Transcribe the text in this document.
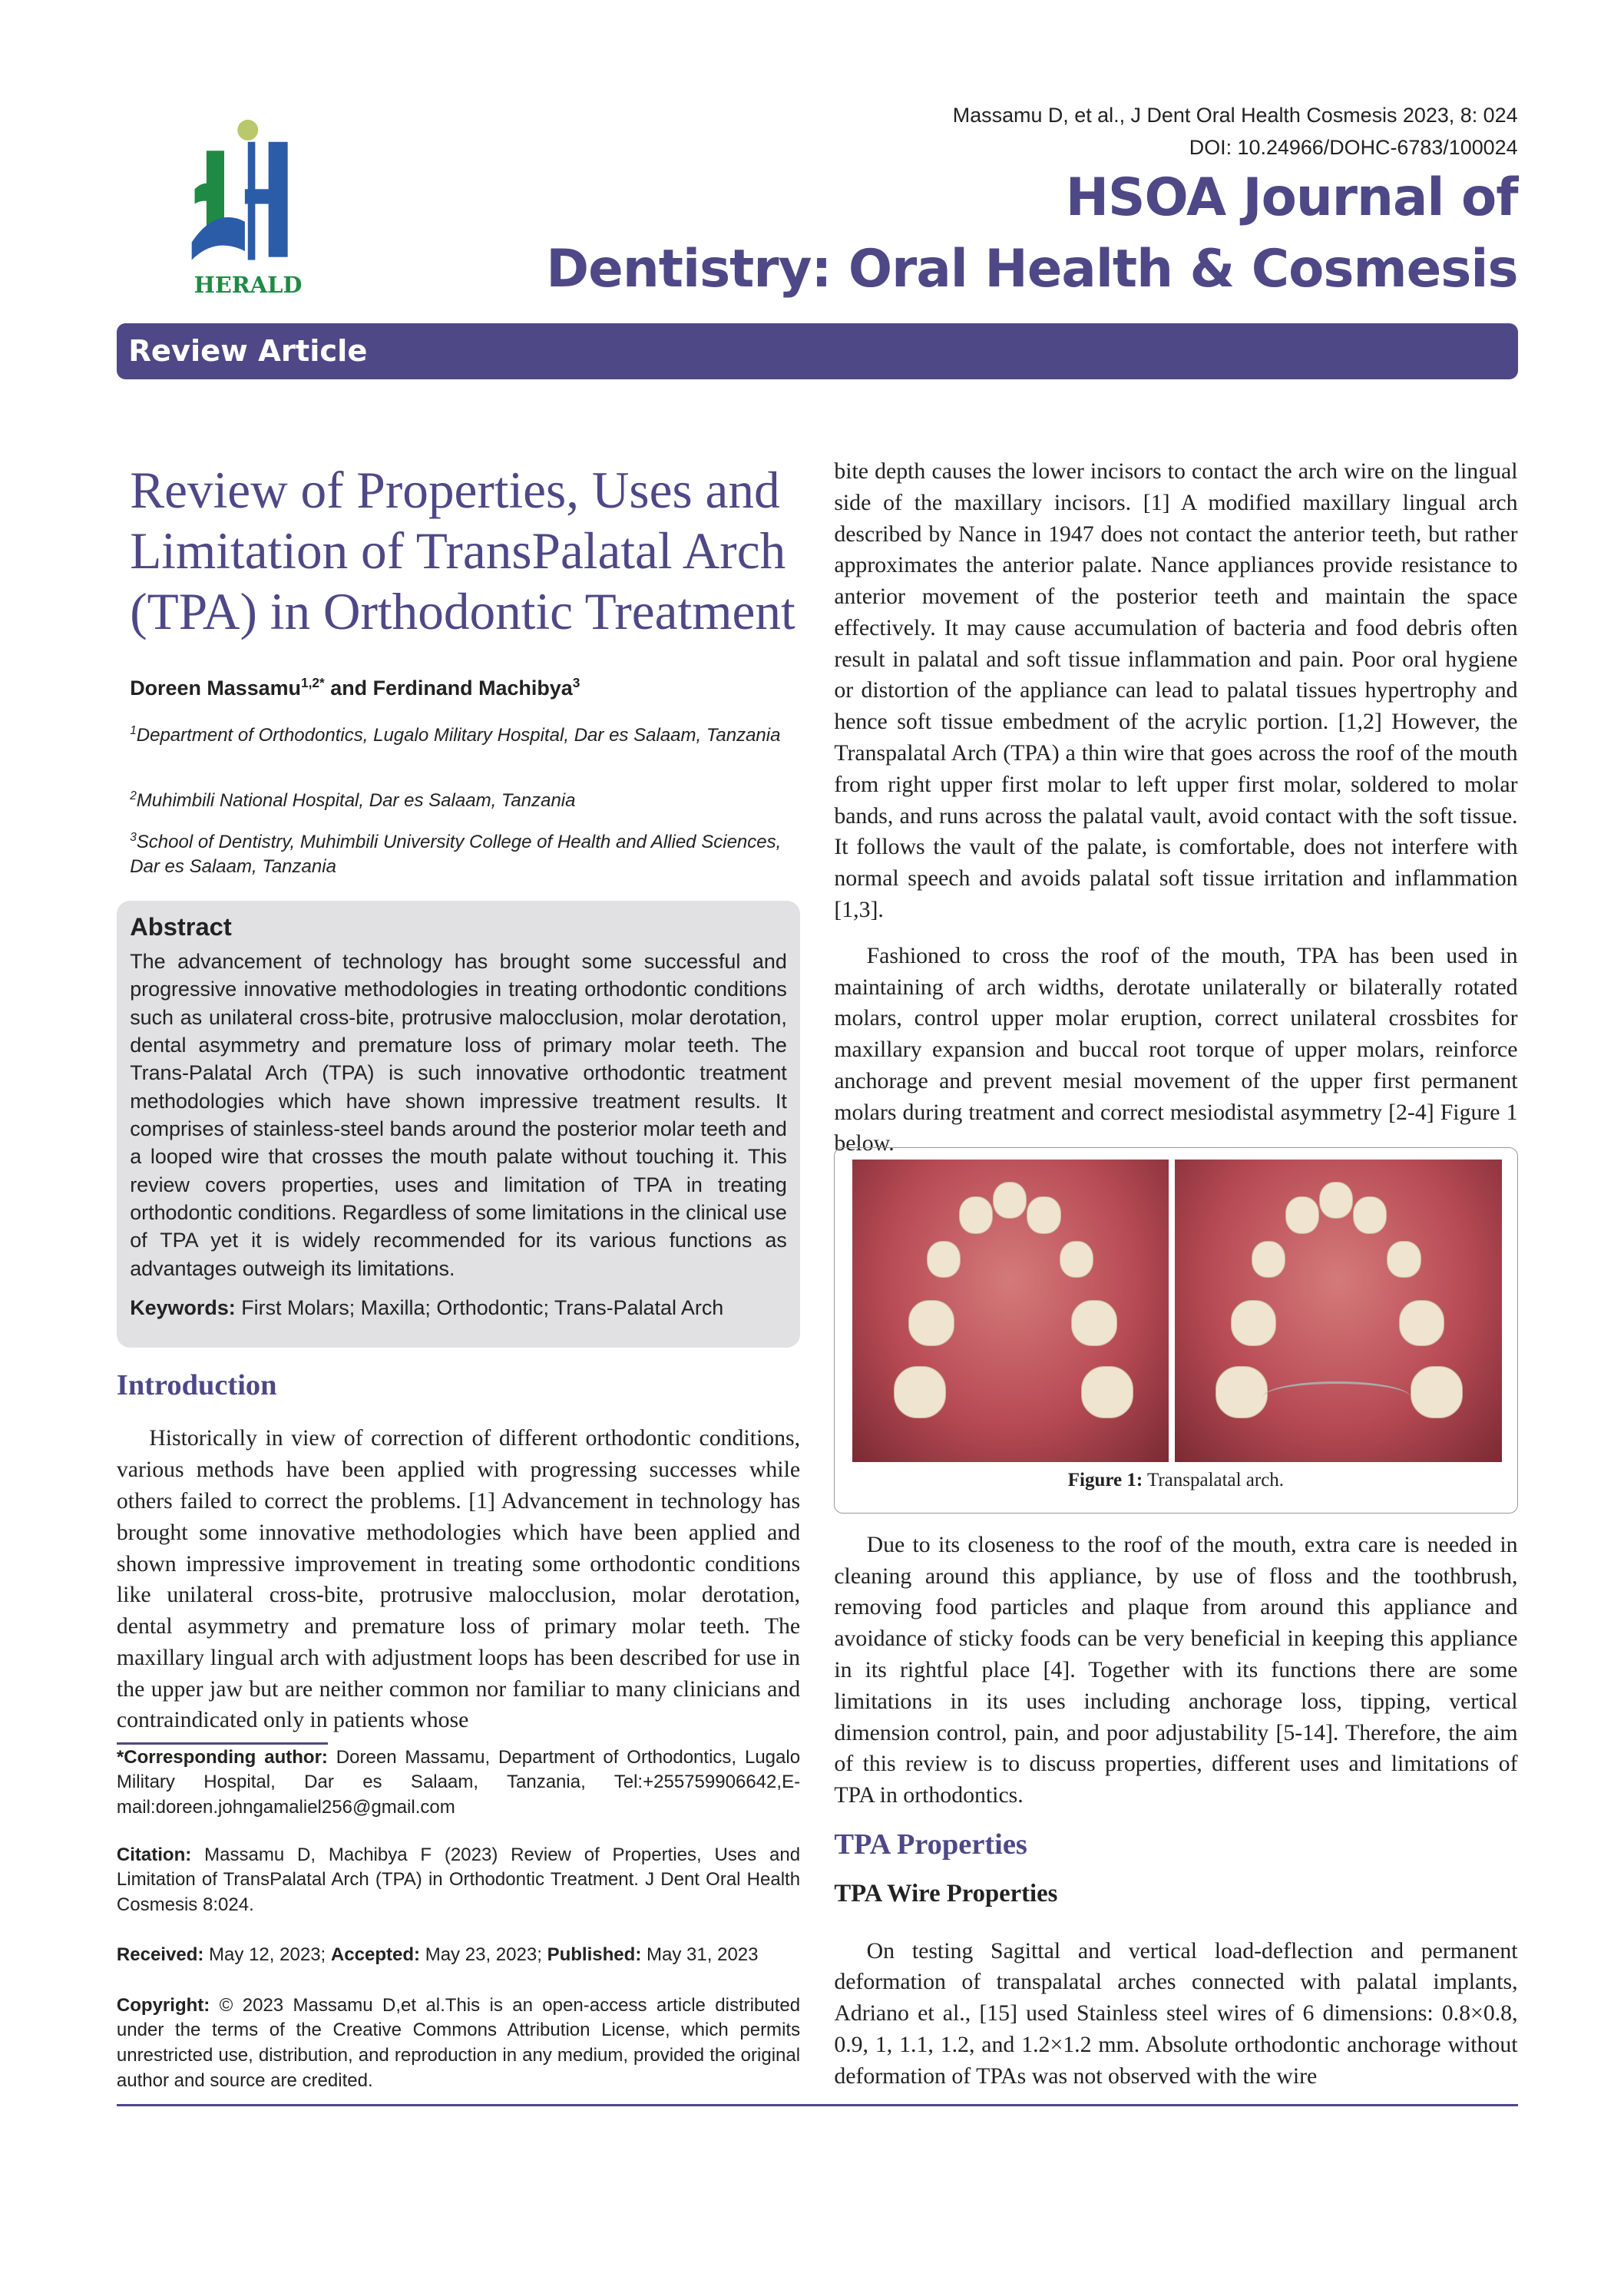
HERALD
Massamu D, et al., J Dent Oral Health Cosmesis 2023, 8: 024
DOI: 10.24966/DOHC-6783/100024
HSOA Journal of
Dentistry: Oral Health & Cosmesis
Review Article
Review of Properties, Uses and Limitation of TransPalatal Arch (TPA) in Orthodontic Treatment
Doreen Massamu$^{1,2*}$ and Ferdinand Machibya$^3$
$^1$Department of Orthodontics, Lugalo Military Hospital, Dar es Salaam, Tanzania
$^2$Muhimbili National Hospital, Dar es Salaam, Tanzania
$^3$School of Dentistry, Muhimbili University College of Health and Allied Sciences, Dar es Salaam, Tanzania
Abstract

The advancement of technology has brought some successful and progressive innovative methodologies in treating orthodontic conditions such as unilateral cross-bite, protrusive malocclusion, molar derotation, dental asymmetry and premature loss of primary molar teeth. The Trans-Palatal Arch (TPA) is such innovative orthodontic treatment methodologies which have shown impressive treatment results. It comprises of stainless-steel bands around the posterior molar teeth and a looped wire that crosses the mouth palate without touching it. This review covers properties, uses and limitation of TPA in treating orthodontic conditions. Regardless of some limitations in the clinical use of TPA yet it is widely recommended for its various functions as advantages outweigh its limitations.

Keywords: First Molars; Maxilla; Orthodontic; Trans-Palatal Arch

Introduction

Historically in view of correction of different orthodontic conditions, various methods have been applied with progressing successes while others failed to correct the problems. [1] Advancement in technology has brought some innovative methodologies which have been applied and shown impressive improvement in treating some orthodontic conditions like unilateral cross-bite, protrusive malocclusion, molar derotation, dental asymmetry and premature loss of primary molar teeth. The maxillary lingual arch with adjustment loops has been described for use in the upper jaw but are neither common nor familiar to many clinicians and contraindicated only in patients whose

*Corresponding author: Doreen Massamu, Department of Orthodontics, Lugalo Military Hospital, Dar es Salaam, Tanzania, Tel:+255759906642,E-mail:doreen.johngamaliel256@gmail.com
Citation: Massamu D, Machibya F (2023) Review of Properties, Uses and Limitation of TransPalatal Arch (TPA) in Orthodontic Treatment. J Dent Oral Health Cosmesis 8:024.
Received: May 12, 2023; Accepted: May 23, 2023; Published: May 31, 2023
Copyright: © 2023 Massamu D,et al.This is an open-access article distributed under the terms of the Creative Commons Attribution License, which permits unrestricted use, distribution, and reproduction in any medium, provided the original author and source are credited.

bite depth causes the lower incisors to contact the arch wire on the lingual side of the maxillary incisors. [1] A modified maxillary lingual arch described by Nance in 1947 does not contact the anterior teeth, but rather approximates the anterior palate. Nance appliances provide resistance to anterior movement of the posterior teeth and maintain the space effectively. It may cause accumulation of bacteria and food debris often result in palatal and soft tissue inflammation and pain. Poor oral hygiene or distortion of the appliance can lead to palatal tissues hypertrophy and hence soft tissue embedment of the acrylic portion. [1,2] However, the Transpalatal Arch (TPA) a thin wire that goes across the roof of the mouth from right upper first molar to left upper first molar, soldered to molar bands, and runs across the palatal vault, avoid contact with the soft tissue. It follows the vault of the palate, is comfortable, does not interfere with normal speech and avoids palatal soft tissue irritation and inflammation [1,3].

Fashioned to cross the roof of the mouth, TPA has been used in maintaining of arch widths, derotate unilaterally or bilaterally rotated molars, control upper molar eruption, correct unilateral crossbites for maxillary expansion and buccal root torque of upper molars, reinforce anchorage and prevent mesial movement of the upper first permanent molars during treatment and correct mesiodistal asymmetry [2-4] Figure 1 below.

Figure 1: Transpalatal arch.

Due to its closeness to the roof of the mouth, extra care is needed in cleaning around this appliance, by use of floss and the toothbrush, removing food particles and plaque from around this appliance and avoidance of sticky foods can be very beneficial in keeping this appliance in its rightful place [4]. Together with its functions there are some limitations in its uses including anchorage loss, tipping, vertical dimension control, pain, and poor adjustability [5-14]. Therefore, the aim of this review is to discuss properties, different uses and limitations of TPA in orthodontics.

TPA Properties
TPA Wire Properties

On testing Sagittal and vertical load-deflection and permanent deformation of transpalatal arches connected with palatal implants, Adriano et al., [15] used Stainless steel wires of 6 dimensions: 0.8×0.8, 0.9, 1, 1.1, 1.2, and 1.2×1.2 mm. Absolute orthodontic anchorage without deformation of TPAs was not observed with the wire
